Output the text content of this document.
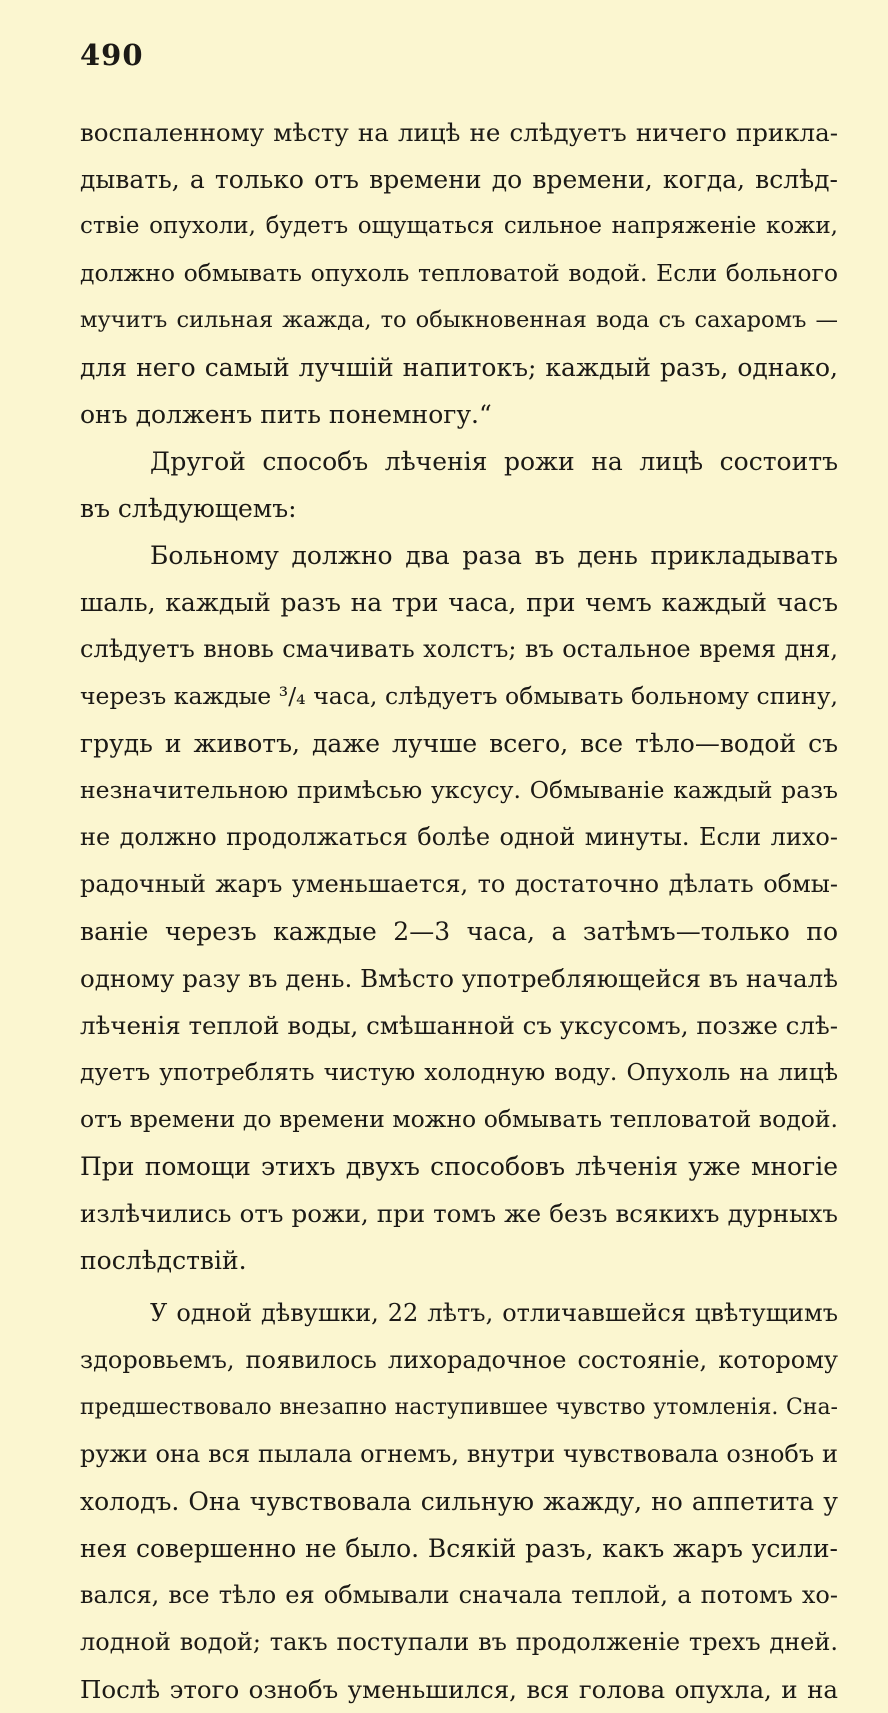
490
воспаленному мѣсту на лицѣ не слѣдуетъ ничего прикла-
дывать, а только отъ времени до времени, когда, вслѣд-
ствіе опухоли, будетъ ощущаться сильное напряженіе кожи,
должно обмывать опухоль тепловатой водой. Если больного
мучитъ сильная жажда, то обыкновенная вода съ сахаромъ —
для него самый лучшій напитокъ; каждый разъ, однако,
онъ долженъ пить понемногу.“
Другой способъ лѣченія рожи на лицѣ состоитъ
въ слѣдующемъ:
Больному должно два раза въ день прикладывать
шаль, каждый разъ на три часа, при чемъ каждый часъ
слѣдуетъ вновь смачивать холстъ; въ остальное время дня,
черезъ каждые ³/₄ часа, слѣдуетъ обмывать больному спину,
грудь и животъ, даже лучше всего, все тѣло—водой съ
незначительною примѣсью уксусу. Обмываніе каждый разъ
не должно продолжаться болѣе одной минуты. Если лихо-
радочный жаръ уменьшается, то достаточно дѣлать обмы-
ваніе черезъ каждые 2—3 часа, а затѣмъ—только по
одному разу въ день. Вмѣсто употребляющейся въ началѣ
лѣченія теплой воды, смѣшанной съ уксусомъ, позже слѣ-
дуетъ употреблять чистую холодную воду. Опухоль на лицѣ
отъ времени до времени можно обмывать тепловатой водой.
При помощи этихъ двухъ способовъ лѣченія уже многіе
излѣчились отъ рожи, при томъ же безъ всякихъ дурныхъ
послѣдствій.
У одной дѣвушки, 22 лѣтъ, отличавшейся цвѣтущимъ
здоровьемъ, появилось лихорадочное состояніе, которому
предшествовало внезапно наступившее чувство утомленія. Сна-
ружи она вся пылала огнемъ, внутри чувствовала ознобъ и
холодъ. Она чувствовала сильную жажду, но аппетита у
нея совершенно не было. Всякій разъ, какъ жаръ усили-
вался, все тѣло ея обмывали сначала теплой, а потомъ хо-
лодной водой; такъ поступали въ продолженіе трехъ дней.
Послѣ этого ознобъ уменьшился, вся голова опухла, и на
